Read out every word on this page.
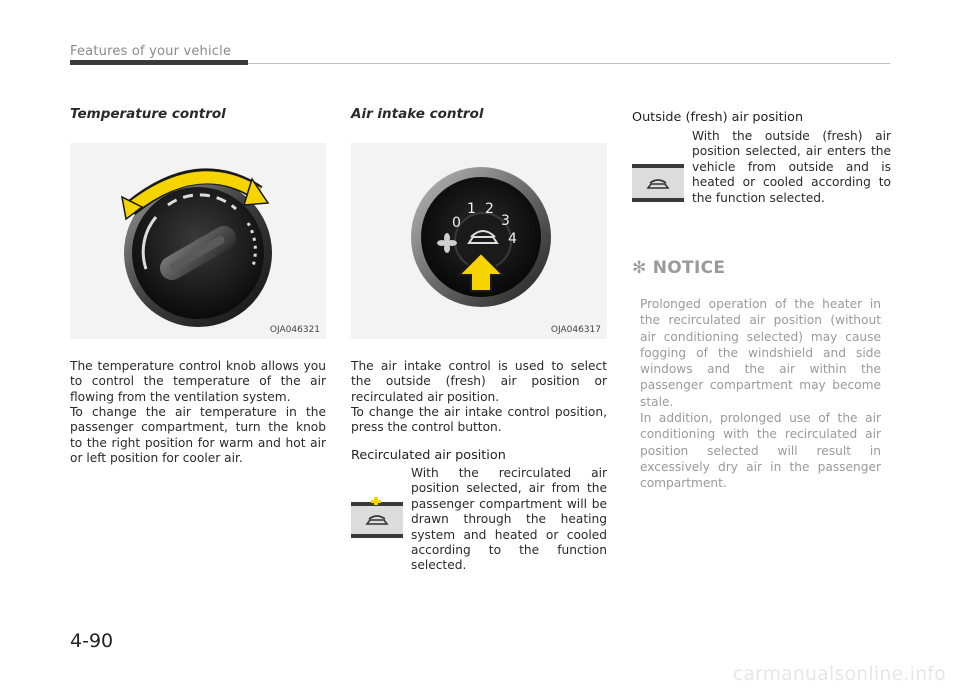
Features of your vehicle
Temperature control
OJA046321
The temperature control knob allows you to control the temperature of the air flowing from the ventilation system.
To change the air temperature in the passenger compartment, turn the knob to the right position for warm and hot air or left position for cooler air.
Air intake control
0
1 2
3
4
OJA046317
The air intake control is used to select the outside (fresh) air position or recirculated air position.
To change the air intake control position, press the control button.
Recirculated air position
With the recirculated air position selected, air from the passenger compartment will be drawn through the heating system and heated or cooled according to the function selected.
Outside (fresh) air position
With the outside (fresh) air position selected, air enters the vehicle from outside and is heated or cooled according to the function selected.
✻ NOTICE
Prolonged operation of the heater in the recirculated air position (without air conditioning selected) may cause fogging of the windshield and side windows and the air within the passenger compartment may become stale.
In addition, prolonged use of the air conditioning with the recirculated air position selected will result in excessively dry air in the passenger compartment.
4-90
carmanualsonline.info
